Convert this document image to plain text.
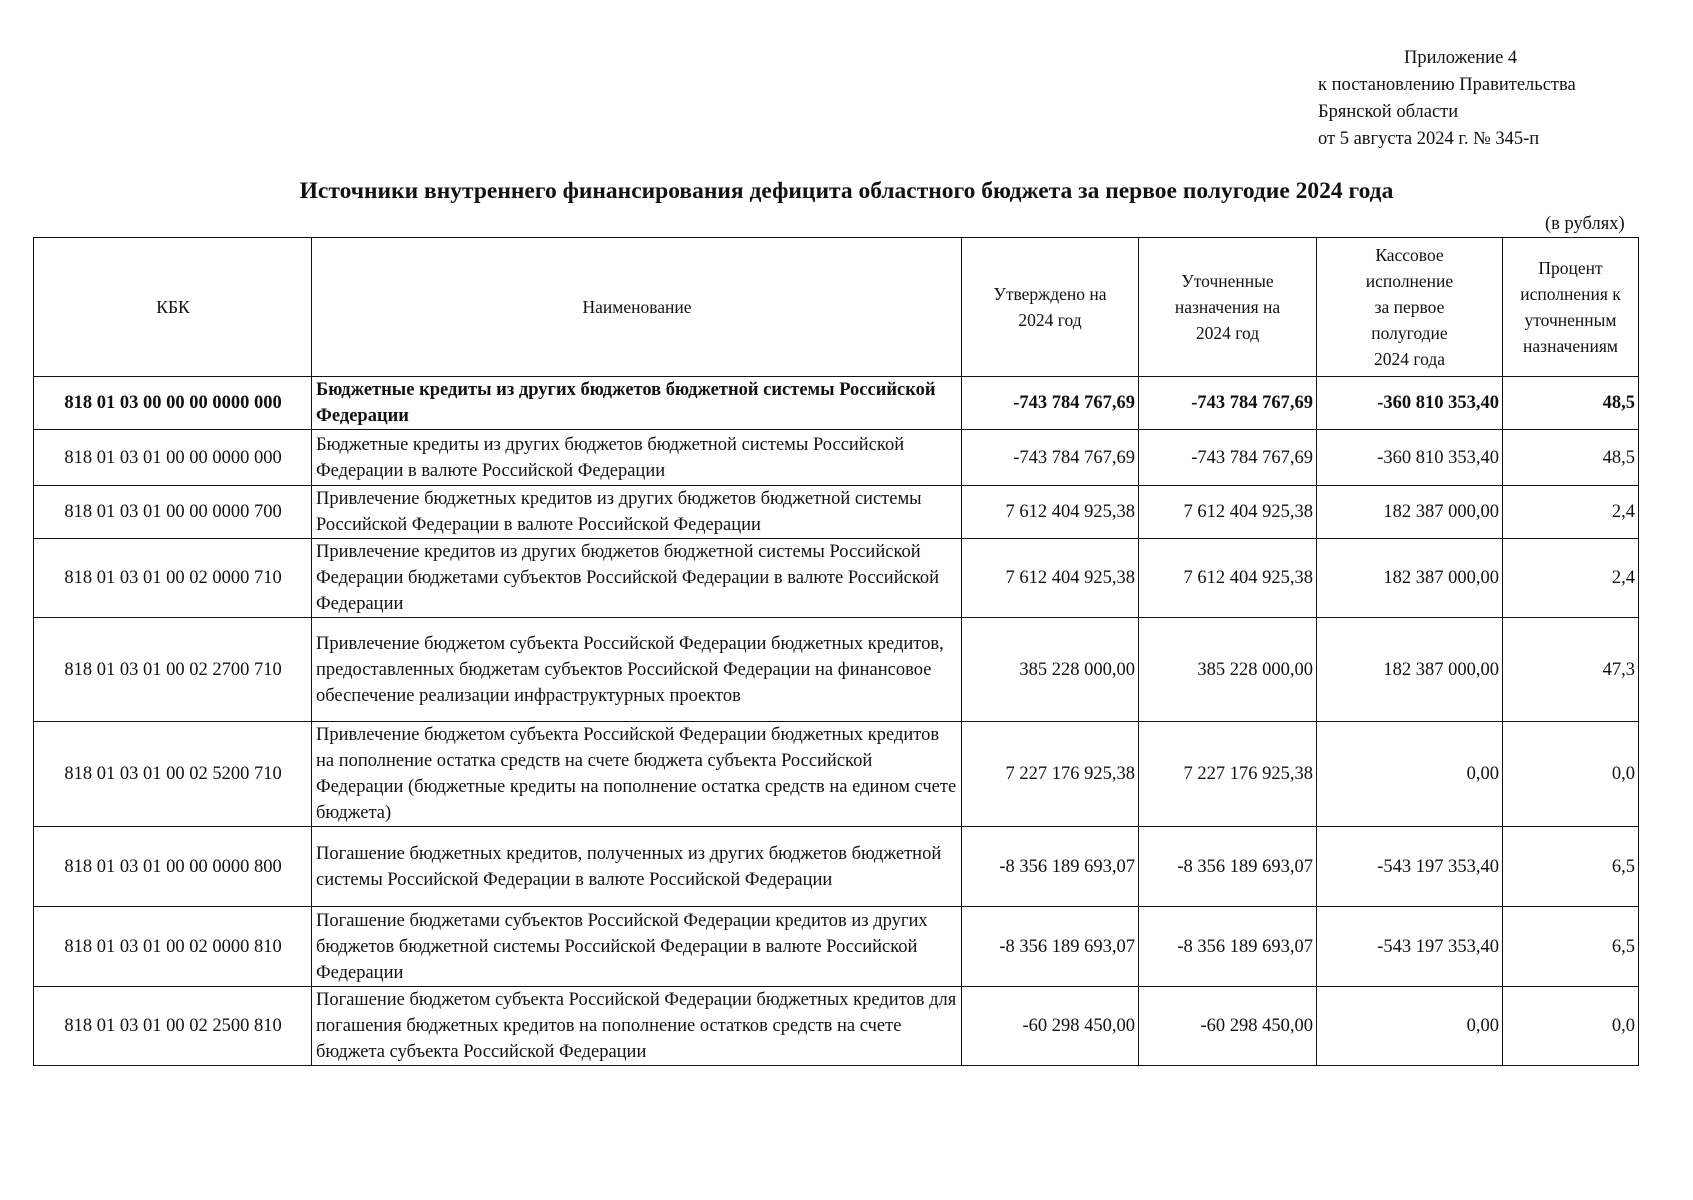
Приложение 4
к постановлению Правительства
Брянской области
от 5 августа 2024 г. № 345-п
Источники внутреннего финансирования дефицита областного бюджета за первое полугодие 2024 года
(в рублях)
КБК	Наименование	Утверждено на 2024 год	Уточненные назначения на 2024 год	Кассовое исполнение за первое полугодие 2024 года	Процент исполнения к уточненным назначениям
818 01 03 00 00 00 0000 000	Бюджетные кредиты из других бюджетов бюджетной системы Российской Федерации	-743 784 767,69	-743 784 767,69	-360 810 353,40	48,5
818 01 03 01 00 00 0000 000	Бюджетные кредиты из других бюджетов бюджетной системы Российской Федерации в валюте Российской Федерации	-743 784 767,69	-743 784 767,69	-360 810 353,40	48,5
818 01 03 01 00 00 0000 700	Привлечение бюджетных кредитов из других бюджетов бюджетной системы Российской Федерации в валюте Российской Федерации	7 612 404 925,38	7 612 404 925,38	182 387 000,00	2,4
818 01 03 01 00 02 0000 710	Привлечение кредитов из других бюджетов бюджетной системы Российской Федерации бюджетами субъектов Российской Федерации в валюте Российской Федерации	7 612 404 925,38	7 612 404 925,38	182 387 000,00	2,4
818 01 03 01 00 02 2700 710	Привлечение бюджетом субъекта Российской Федерации бюджетных кредитов, предоставленных бюджетам субъектов Российской Федерации на финансовое обеспечение реализации инфраструктурных проектов	385 228 000,00	385 228 000,00	182 387 000,00	47,3
818 01 03 01 00 02 5200 710	Привлечение бюджетом субъекта Российской Федерации бюджетных кредитов на пополнение остатка средств на счете бюджета субъекта Российской Федерации (бюджетные кредиты на пополнение остатка средств на едином счете бюджета)	7 227 176 925,38	7 227 176 925,38	0,00	0,0
818 01 03 01 00 00 0000 800	Погашение бюджетных кредитов, полученных из других бюджетов бюджетной системы Российской Федерации в валюте Российской Федерации	-8 356 189 693,07	-8 356 189 693,07	-543 197 353,40	6,5
818 01 03 01 00 02 0000 810	Погашение бюджетами субъектов Российской Федерации кредитов из других бюджетов бюджетной системы Российской Федерации в валюте Российской Федерации	-8 356 189 693,07	-8 356 189 693,07	-543 197 353,40	6,5
818 01 03 01 00 02 2500 810	Погашение бюджетом субъекта Российской Федерации бюджетных кредитов для погашения бюджетных кредитов на пополнение остатков средств на счете бюджета субъекта Российской Федерации	-60 298 450,00	-60 298 450,00	0,00	0,0
